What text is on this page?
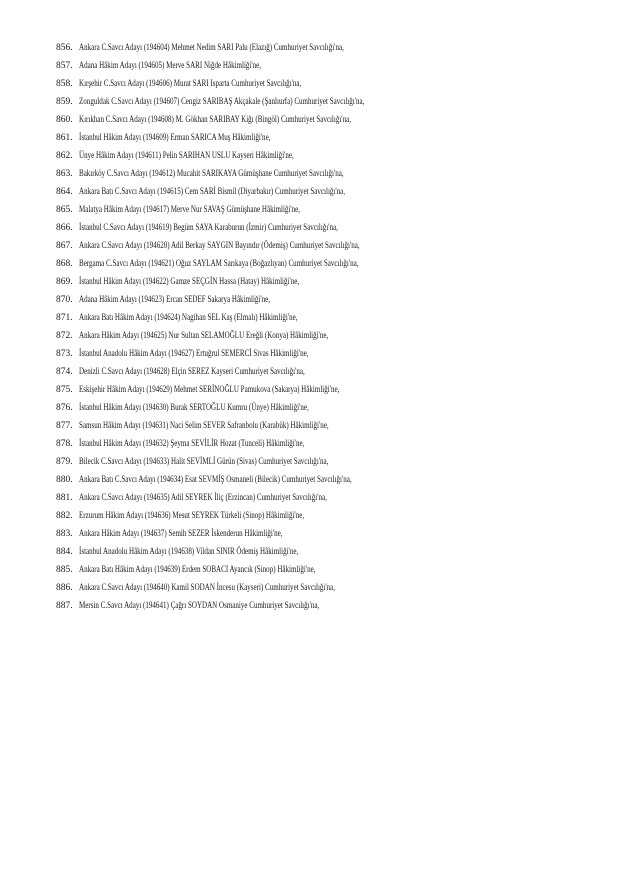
856. Ankara C.Savcı Adayı (194604) Mehmet Nedim SARI Palu (Elazığ) Cumhuriyet Savcılığı'na,
857. Adana Hâkim Adayı (194605) Merve SARI Niğde Hâkimliği'ne,
858. Kırşehir C.Savcı Adayı (194606) Murat SARI Isparta Cumhuriyet Savcılığı'na,
859. Zonguldak C.Savcı Adayı (194607) Cengiz SARIBAŞ Akçakale (Şanlıurfa) Cumhuriyet Savcılığı'na,
860. Kırıkhan C.Savcı Adayı (194608) M. Gökhan SARIBAY Kiğı (Bingöl) Cumhuriyet Savcılığı'na,
861. İstanbul Hâkim Adayı (194609) Erman SARICA Muş Hâkimliği'ne,
862. Ünye Hâkim Adayı (194611) Pelin SARIHAN USLU Kayseri Hâkimliği'ne,
863. Bakırköy C.Savcı Adayı (194612) Mucahit SARIKAYA Gümüşhane Cumhuriyet Savcılığı'na,
864. Ankara Batı C.Savcı Adayı (194615) Cem SARİ Bismil (Diyarbakır) Cumhuriyet Savcılığı'na,
865. Malatya Hâkim Adayı (194617) Merve Nur SAVAŞ Gümüşhane Hâkimliği'ne,
866. İstanbul C.Savcı Adayı (194619) Begüm SAYA Karaburun (İzmir) Cumhuriyet Savcılığı'na,
867. Ankara C.Savcı Adayı (194620) Adil Berkay SAYGIN Bayındır (Ödemiş) Cumhuriyet Savcılığı'na,
868. Bergama C.Savcı Adayı (194621) Oğuz SAYLAM Sarıkaya (Boğazlıyan) Cumhuriyet Savcılığı'na,
869. İstanbul Hâkim Adayı (194622) Gamze SEÇGİN Hassa (Hatay) Hâkimliği'ne,
870. Adana Hâkim Adayı (194623) Ercan SEDEF Sakarya Hâkimliği'ne,
871. Ankara Batı Hâkim Adayı (194624) Nagihan SEL Kaş (Elmalı) Hâkimliği'ne,
872. Ankara Hâkim Adayı (194625) Nur Sultan SELAMOĞLU Ereğli (Konya) Hâkimliği'ne,
873. İstanbul Anadolu Hâkim Adayı (194627) Ertuğrul SEMERCİ Sivas Hâkimliği'ne,
874. Denizli C.Savcı Adayı (194628) Elçin SEREZ Kayseri Cumhuriyet Savcılığı'na,
875. Eskişehir Hâkim Adayı (194629) Mehmet SERİNOĞLU Pamukova (Sakarya) Hâkimliği'ne,
876. İstanbul Hâkim Adayı (194630) Burak SERTOĞLU Kumru (Ünye) Hâkimliği'ne,
877. Samsun Hâkim Adayı (194631) Naci Selim SEVER Safranbolu (Karabük) Hâkimliği'ne,
878. İstanbul Hâkim Adayı (194632) Şeyma SEVİLİR Hozat (Tunceli) Hâkimliği'ne,
879. Bilecik C.Savcı Adayı (194633) Halit SEVİMLİ Gürün (Sivas) Cumhuriyet Savcılığı'na,
880. Ankara Batı C.Savcı Adayı (194634) Esat SEVMİŞ Osmaneli (Bilecik) Cumhuriyet Savcılığı'na,
881. Ankara C.Savcı Adayı (194635) Adil SEYREK İliç (Erzincan) Cumhuriyet Savcılığı'na,
882. Erzurum Hâkim Adayı (194636) Mesut SEYREK Türkeli (Sinop) Hâkimliği'ne,
883. Ankara Hâkim Adayı (194637) Semih SEZER İskenderun Hâkimliği'ne,
884. İstanbul Anadolu Hâkim Adayı (194638) Vildan SINIR Ödemiş Hâkimliği'ne,
885. Ankara Batı Hâkim Adayı (194639) Erdem SOBACI Ayancık (Sinop) Hâkimliği'ne,
886. Ankara C.Savcı Adayı (194640) Kamil SODAN İncesu (Kayseri) Cumhuriyet Savcılığı'na,
887. Mersin C.Savcı Adayı (194641) Çağrı SOYDAN Osmaniye Cumhuriyet Savcılığı'na,
